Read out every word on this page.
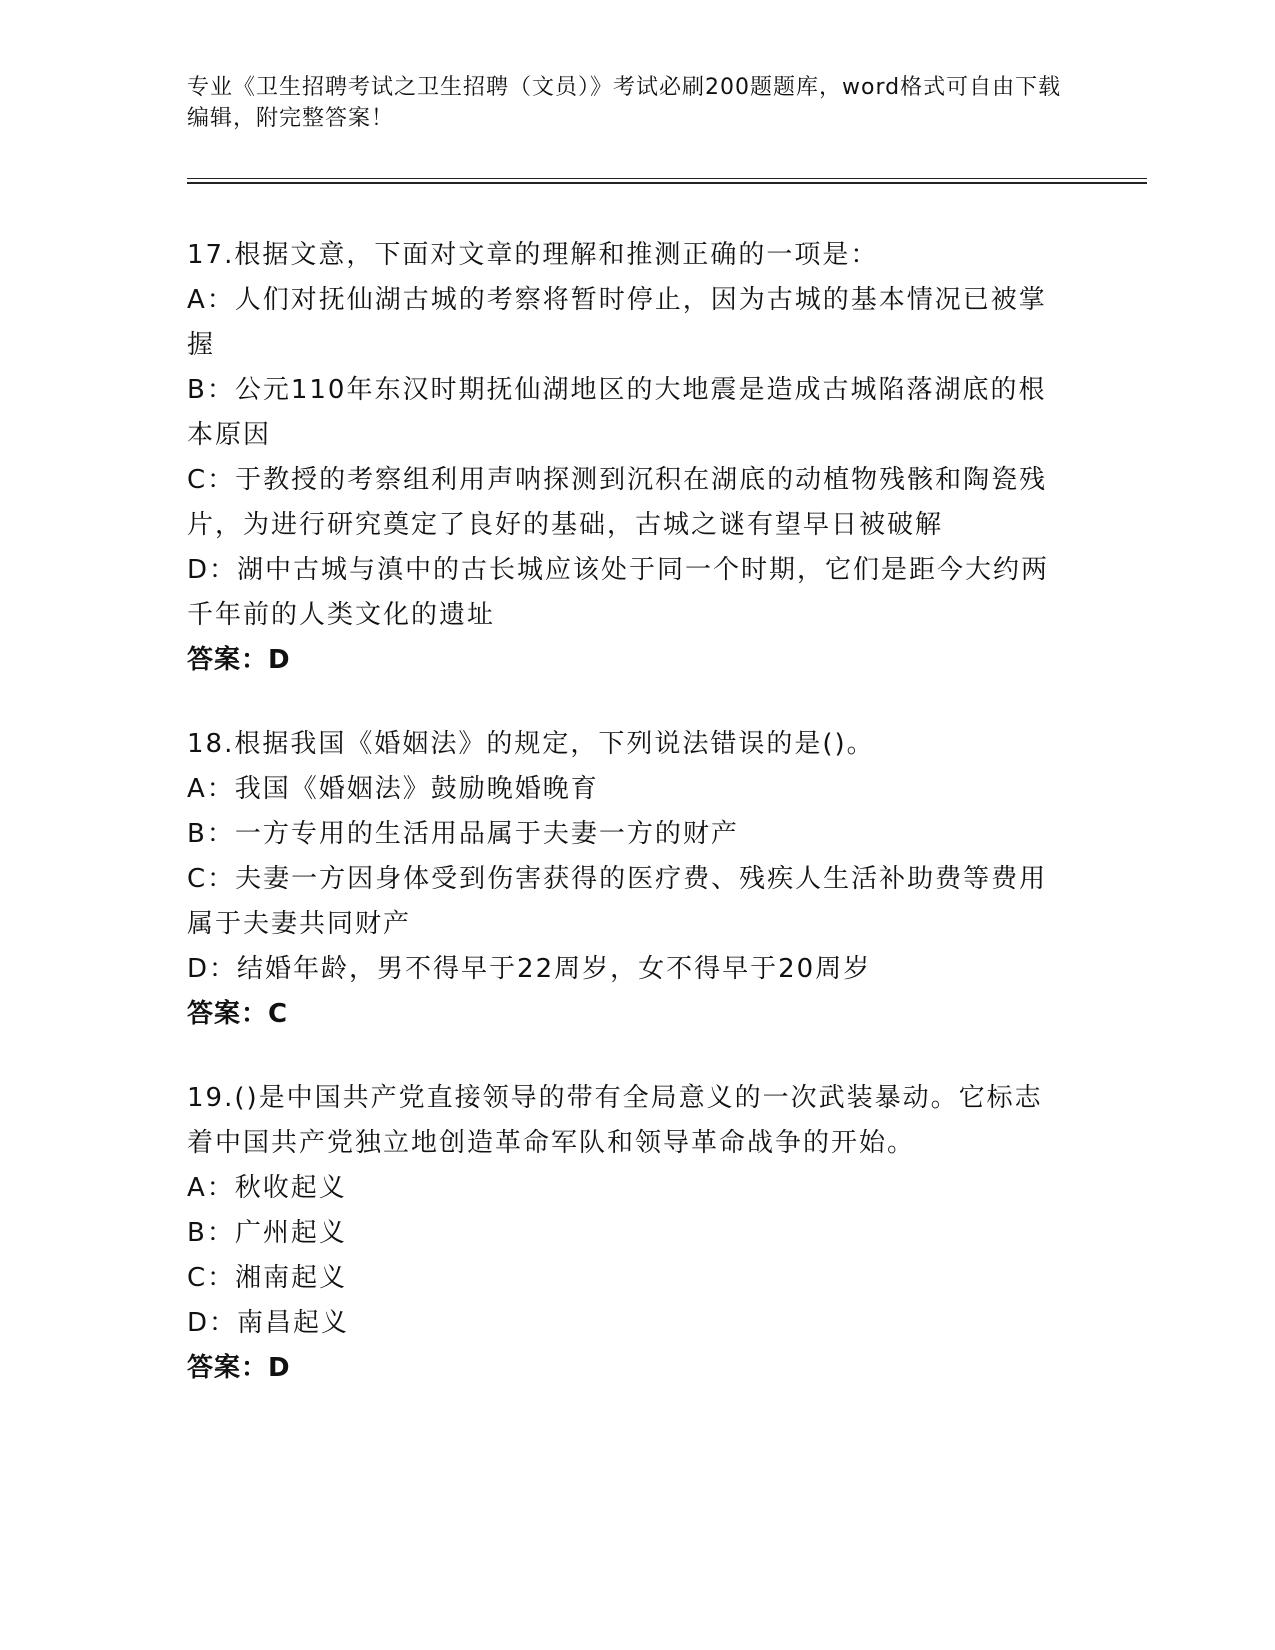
专业《卫生招聘考试之卫生招聘（文员）》考试必刷200题题库，word格式可自由下载编辑，附完整答案！

17.根据文意，下面对文章的理解和推测正确的一项是：

A：人们对抚仙湖古城的考察将暂时停止，因为古城的基本情况已被掌握

B：公元110年东汉时期抚仙湖地区的大地震是造成古城陷落湖底的根本原因

C：于教授的考察组利用声呐探测到沉积在湖底的动植物残骸和陶瓷残片，为进行研究奠定了良好的基础，古城之谜有望早日被破解

D：湖中古城与滇中的古长城应该处于同一个时期，它们是距今大约两千年前的人类文化的遗址

答案：D

18.根据我国《婚姻法》的规定，下列说法错误的是()。

A：我国《婚姻法》鼓励晚婚晚育

B：一方专用的生活用品属于夫妻一方的财产

C：夫妻一方因身体受到伤害获得的医疗费、残疾人生活补助费等费用属于夫妻共同财产

D：结婚年龄，男不得早于22周岁，女不得早于20周岁

答案：C

19.()是中国共产党直接领导的带有全局意义的一次武装暴动。它标志着中国共产党独立地创造革命军队和领导革命战争的开始。

A：秋收起义

B：广州起义

C：湘南起义

D：南昌起义

答案：D
